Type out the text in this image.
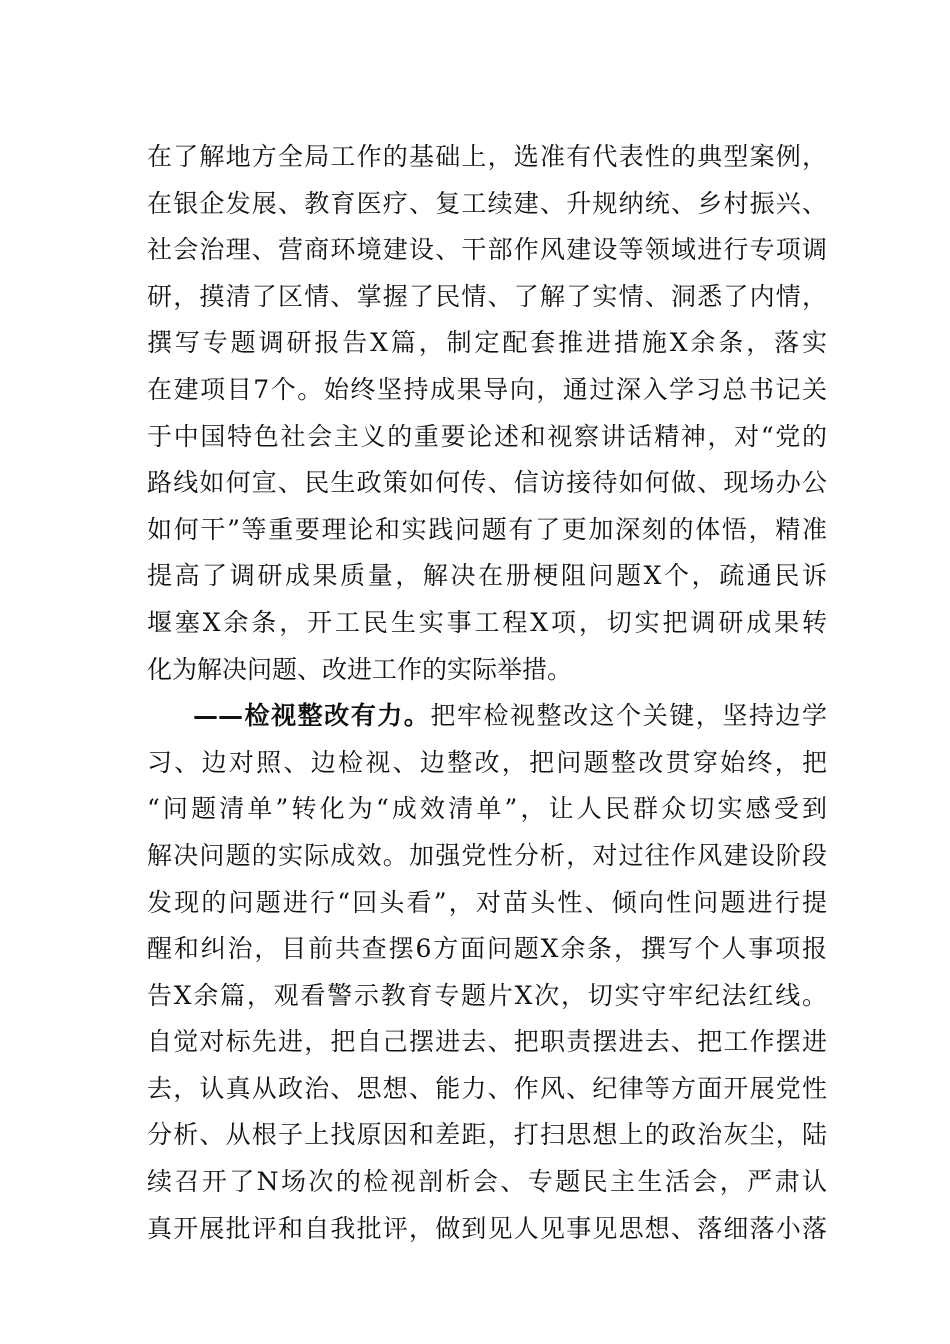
在了解地方全局工作的基础上，选准有代表性的典型案例，
在银企发展、教育医疗、复工续建、升规纳统、乡村振兴、
社会治理、营商环境建设、干部作风建设等领域进行专项调
研，摸清了区情、掌握了民情、了解了实情、洞悉了内情，
撰写专题调研报告X篇，制定配套推进措施X余条，落实
在建项目7个。始终坚持成果导向，通过深入学习总书记关
于中国特色社会主义的重要论述和视察讲话精神，对“党的
路线如何宣、民生政策如何传、信访接待如何做、现场办公
如何干”等重要理论和实践问题有了更加深刻的体悟，精准
提高了调研成果质量，解决在册梗阻问题X个，疏通民诉
堰塞X余条，开工民生实事工程X项，切实把调研成果转
化为解决问题、改进工作的实际举措。
——检视整改有力。把牢检视整改这个关键，坚持边学
习、边对照、边检视、边整改，把问题整改贯穿始终，把
“问题清单”转化为“成效清单”，让人民群众切实感受到
解决问题的实际成效。加强党性分析，对过往作风建设阶段
发现的问题进行“回头看”，对苗头性、倾向性问题进行提
醒和纠治，目前共查摆6方面问题X余条，撰写个人事项报
告X余篇，观看警示教育专题片X次，切实守牢纪法红线。
自觉对标先进，把自己摆进去、把职责摆进去、把工作摆进
去，认真从政治、思想、能力、作风、纪律等方面开展党性
分析、从根子上找原因和差距，打扫思想上的政治灰尘，陆
续召开了N场次的检视剖析会、专题民主生活会，严肃认
真开展批评和自我批评，做到见人见事见思想、落细落小落
